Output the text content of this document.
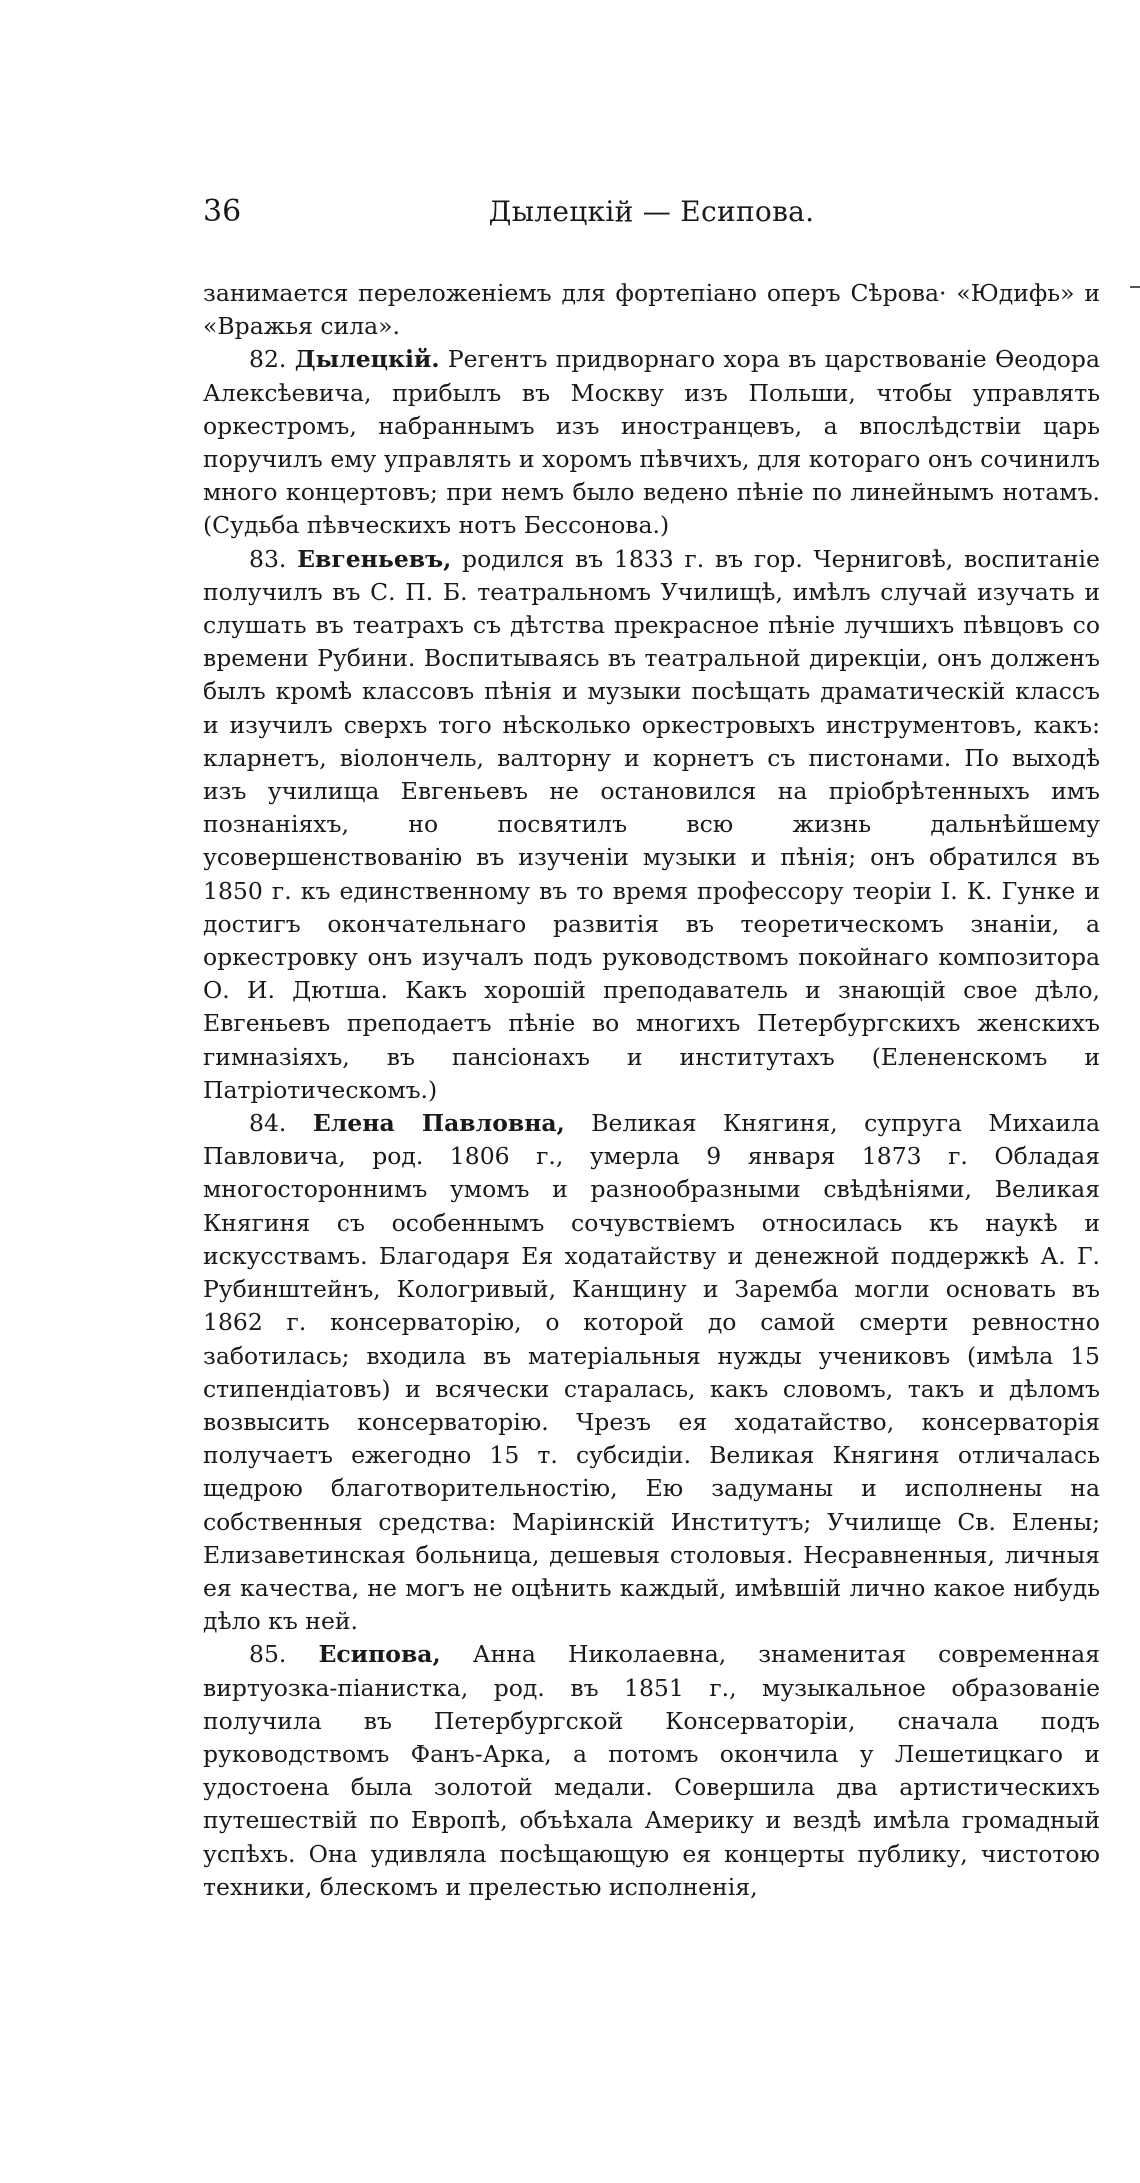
36	Дылецкій — Есипова.

занимается переложеніемъ для фортепіано оперъ Сѣрова· «Юдифь» и «Вражья сила».

82. Дылецкій. Регентъ придворнаго хора въ царствованіе Ѳеодора Алексѣевича, прибылъ въ Москву изъ Польши, чтобы управлять оркестромъ, набраннымъ изъ иностранцевъ, а впослѣдствіи царь поручилъ ему управлять и хоромъ пѣвчихъ, для котораго онъ сочинилъ много концертовъ; при немъ было ведено пѣніе по линейнымъ нотамъ. (Судьба пѣвческихъ нотъ Бессонова.)

83. Евгеньевъ, родился въ 1833 г. въ гор. Черниговѣ, воспитаніе получилъ въ С. П. Б. театральномъ Училищѣ, имѣлъ случай изучать и слушать въ театрахъ съ дѣтства прекрасное пѣніе лучшихъ пѣвцовъ со времени Рубини. Воспитываясь въ театральной дирекціи, онъ долженъ былъ кромѣ классовъ пѣнія и музыки посѣщать драматическій классъ и изучилъ сверхъ того нѣсколько оркестровыхъ инструментовъ, какъ: кларнетъ, віолончель, валторну и корнетъ съ пистонами. По выходѣ изъ училища Евгеньевъ не остановился на пріобрѣтенныхъ имъ познаніяхъ, но посвятилъ всю жизнь дальнѣйшему усовершенствованію въ изученіи музыки и пѣнія; онъ обратился въ 1850 г. къ единственному въ то время профессору теоріи І. К. Гунке и достигъ окончательнаго развитія въ теоретическомъ знаніи, а оркестровку онъ изучалъ подъ руководствомъ покойнаго композитора О. И. Дютша. Какъ хорошій преподаватель и знающій свое дѣло, Евгеньевъ преподаетъ пѣніе во многихъ Петербургскихъ женскихъ гимназіяхъ, въ пансіонахъ и институтахъ (Елененскомъ и Патріотическомъ.)

84. Елена Павловна, Великая Княгиня, супруга Михаила Павловича, род. 1806 г., умерла 9 января 1873 г. Обладая многостороннимъ умомъ и разнообразными свѣдѣніями, Великая Княгиня съ особеннымъ сочувствіемъ относилась къ наукѣ и искусствамъ. Благодаря Ея ходатайству и денежной поддержкѣ А. Г. Рубинштейнъ, Кологривый, Канщину и Заремба могли основать въ 1862 г. консерваторію, о которой до самой смерти ревностно заботилась; входила въ матеріальныя нужды учениковъ (имѣла 15 стипендіатовъ) и всячески старалась, какъ словомъ, такъ и дѣломъ возвысить консерваторію. Чрезъ ея ходатайство, консерваторія получаетъ ежегодно 15 т. субсидіи. Великая Княгиня отличалась щедрою благотворительностію, Ею задуманы и исполнены на собственныя средства: Маріинскій Институтъ; Училище Св. Елены; Елизаветинская больница, дешевыя столовыя. Несравненныя, личныя ея качества, не могъ не оцѣнить каждый, имѣвшій лично какое нибудь дѣло къ ней.

85. Есипова, Анна Николаевна, знаменитая современная виртуозка-піанистка, род. въ 1851 г., музыкальное образованіе получила въ Петербургской Консерваторіи, сначала подъ руководствомъ Фанъ-Арка, а потомъ окончила у Лешетицкаго и удостоена была золотой медали. Совершила два артистическихъ путешествій по Европѣ, объѣхала Америку и вездѣ имѣла громадный успѣхъ. Она удивляла посѣщающую ея концерты публику, чистотою техники, блескомъ и прелестью исполненія,
